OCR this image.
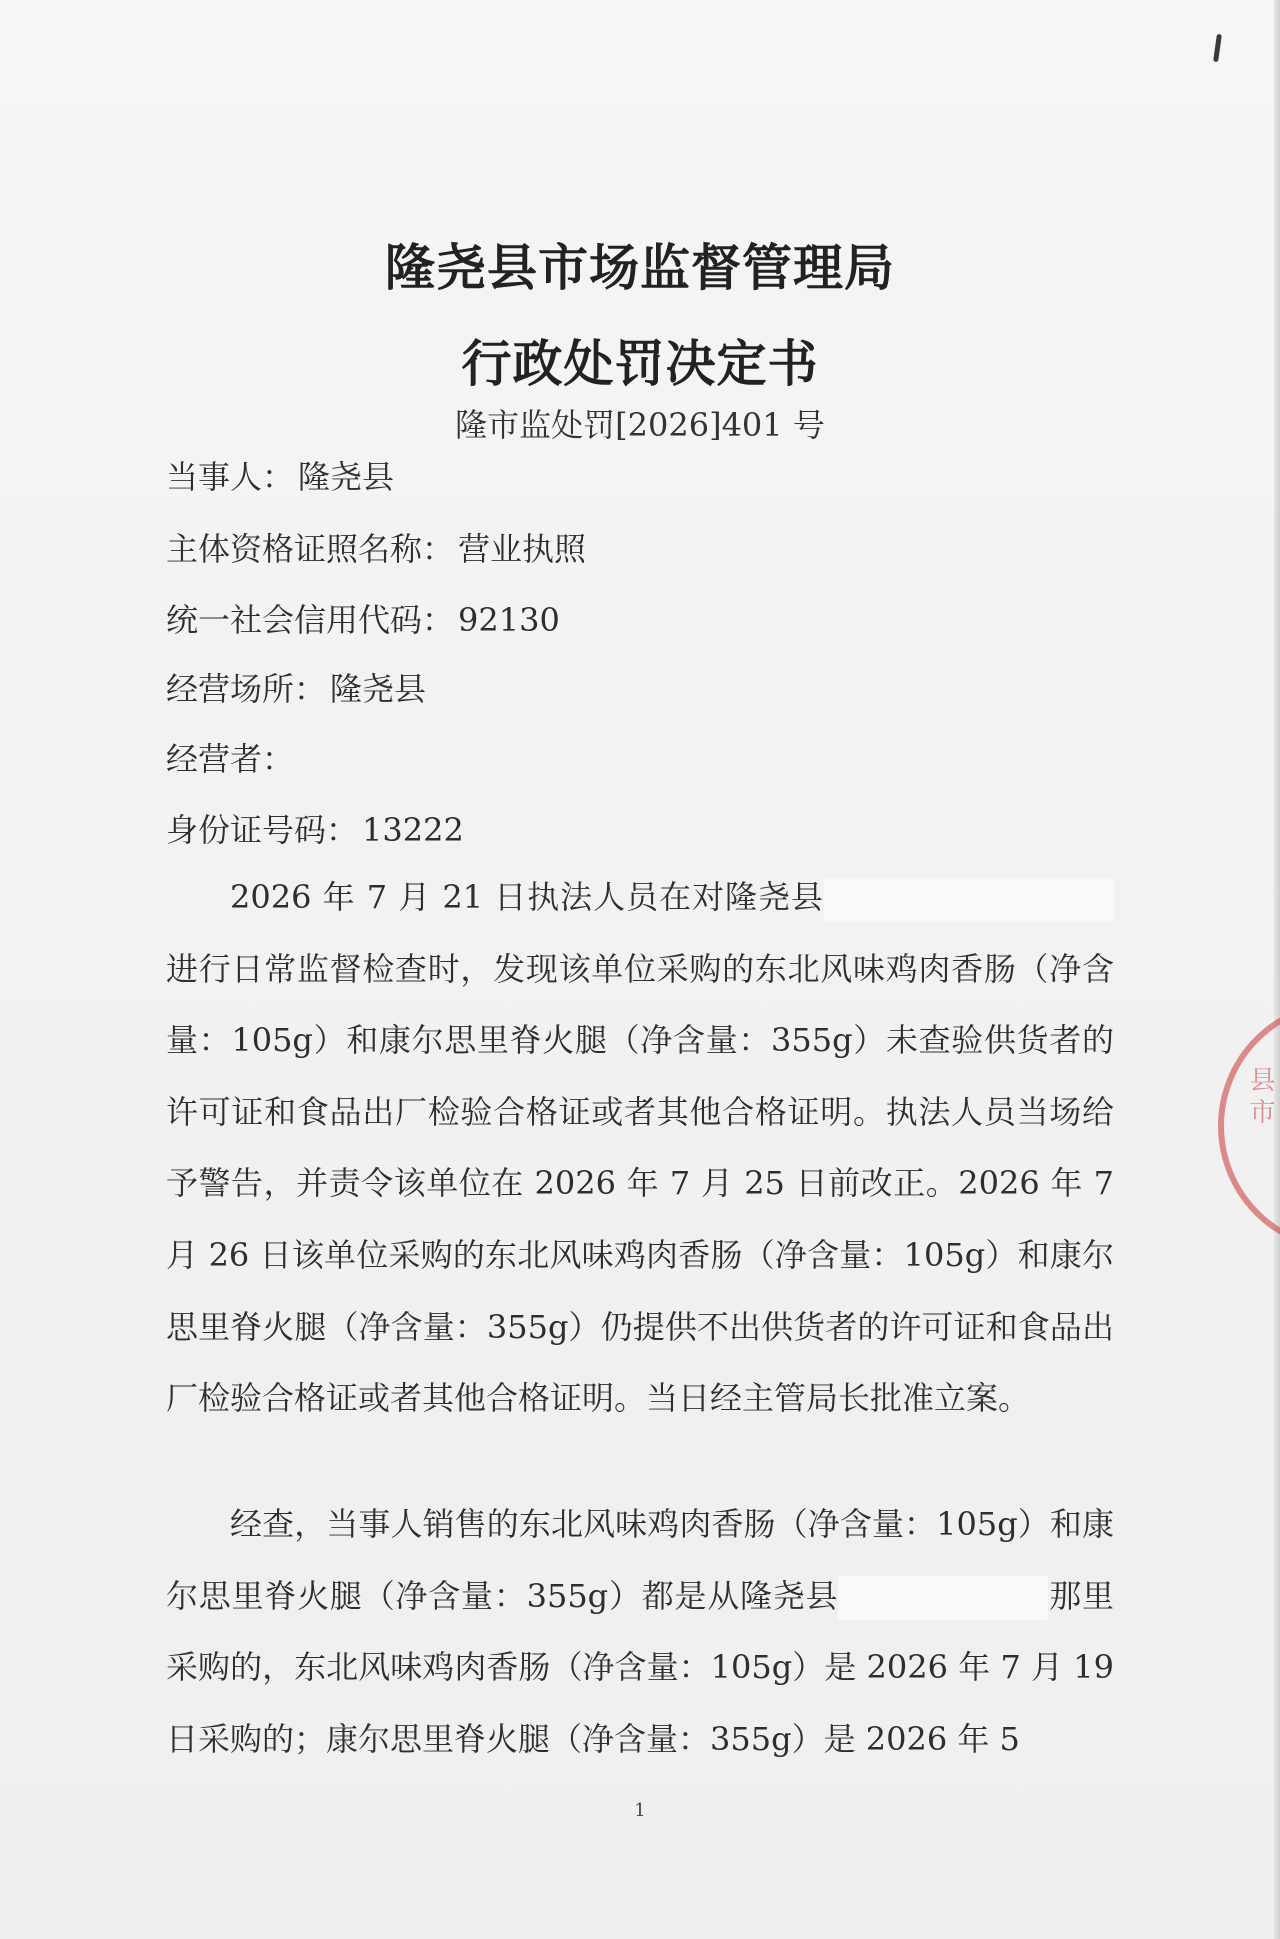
隆尧县市场监督管理局
行政处罚决定书
隆市监处罚[2026]401 号
当事人： 隆尧县
主体资格证照名称： 营业执照
统一社会信用代码： 92130
经营场所： 隆尧县
经营者：
身份证号码： 13222

2026 年 7 月 21 日执法人员在对隆尧县进行日常监督检查时，发现该单位采购的东北风味鸡肉香肠（净含量：105g）和康尔思里脊火腿（净含量：355g）未查验供货者的许可证和食品出厂检验合格证或者其他合格证明。执法人员当场给予警告，并责令该单位在 2026 年 7 月 25 日前改正。2026 年 7 月 26 日该单位采购的东北风味鸡肉香肠（净含量：105g）和康尔思里脊火腿（净含量：355g）仍提供不出供货者的许可证和食品出厂检验合格证或者其他合格证明。当日经主管局长批准立案。

经查，当事人销售的东北风味鸡肉香肠（净含量：105g）和康尔思里脊火腿（净含量：355g）都是从隆尧县	那里采购的，东北风味鸡肉香肠（净含量：105g）是 2026 年 7 月 19 日采购的；康尔思里脊火腿（净含量：355g）是 2026 年 5

县市
1
